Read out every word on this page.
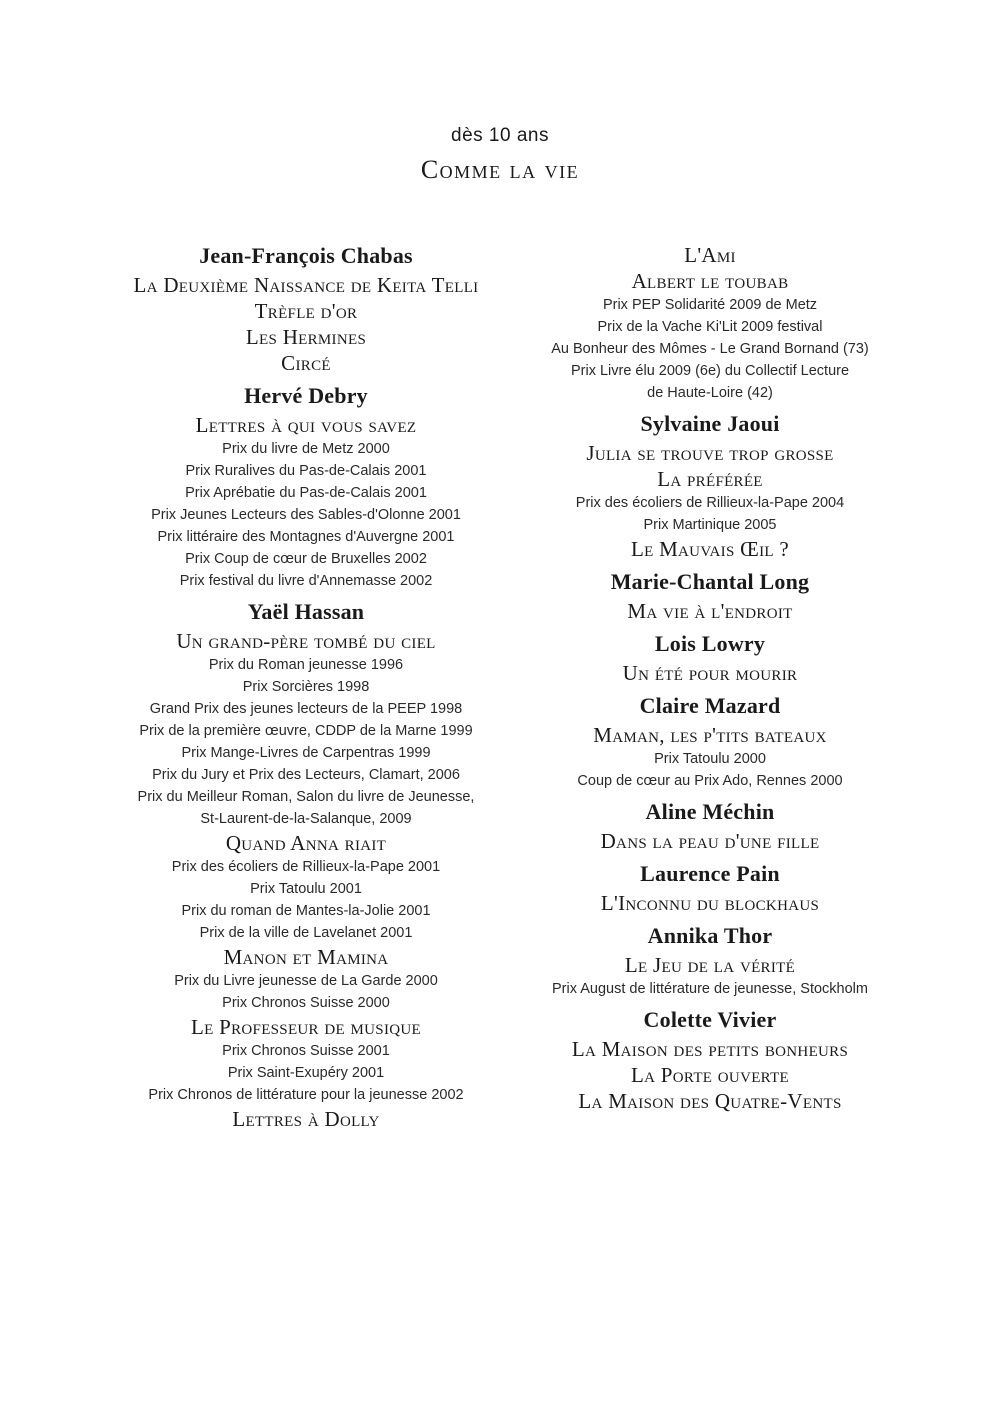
dès 10 ans
Comme la vie
Jean-François Chabas
La Deuxième Naissance de Keita Telli
Trèfle d'or
Les Hermines
Circé
Hervé Debry
Lettres à qui vous savez
Prix du livre de Metz 2000
Prix Ruralives du Pas-de-Calais 2001
Prix Aprébatie du Pas-de-Calais 2001
Prix Jeunes Lecteurs des Sables-d'Olonne 2001
Prix littéraire des Montagnes d'Auvergne 2001
Prix Coup de cœur de Bruxelles 2002
Prix festival du livre d'Annemasse 2002
Yaël Hassan
Un grand-père tombé du ciel
Prix du Roman jeunesse 1996
Prix Sorcières 1998
Grand Prix des jeunes lecteurs de la PEEP 1998
Prix de la première œuvre, CDDP de la Marne 1999
Prix Mange-Livres de Carpentras 1999
Prix du Jury et Prix des Lecteurs, Clamart, 2006
Prix du Meilleur Roman, Salon du livre de Jeunesse,
St-Laurent-de-la-Salanque, 2009
Quand Anna riait
Prix des écoliers de Rillieux-la-Pape 2001
Prix Tatoulu 2001
Prix du roman de Mantes-la-Jolie 2001
Prix de la ville de Lavelanet 2001
Manon et Mamina
Prix du Livre jeunesse de La Garde 2000
Prix Chronos Suisse 2000
Le Professeur de musique
Prix Chronos Suisse 2001
Prix Saint-Exupéry 2001
Prix Chronos de littérature pour la jeunesse 2002
Lettres à Dolly
L'Ami
Albert le toubab
Prix PEP Solidarité 2009 de Metz
Prix de la Vache Ki'Lit 2009 festival
Au Bonheur des Mômes - Le Grand Bornand (73)
Prix Livre élu 2009 (6e) du Collectif Lecture
de Haute-Loire (42)
Sylvaine Jaoui
Julia se trouve trop grosse
La préférée
Prix des écoliers de Rillieux-la-Pape 2004
Prix Martinique 2005
Le Mauvais Œil ?
Marie-Chantal Long
Ma vie à l'endroit
Lois Lowry
Un été pour mourir
Claire Mazard
Maman, les p'tits bateaux
Prix Tatoulu 2000
Coup de cœur au Prix Ado, Rennes 2000
Aline Méchin
Dans la peau d'une fille
Laurence Pain
L'Inconnu du blockhaus
Annika Thor
Le Jeu de la vérité
Prix August de littérature de jeunesse, Stockholm
Colette Vivier
La Maison des petits bonheurs
La Porte ouverte
La Maison des Quatre-Vents
